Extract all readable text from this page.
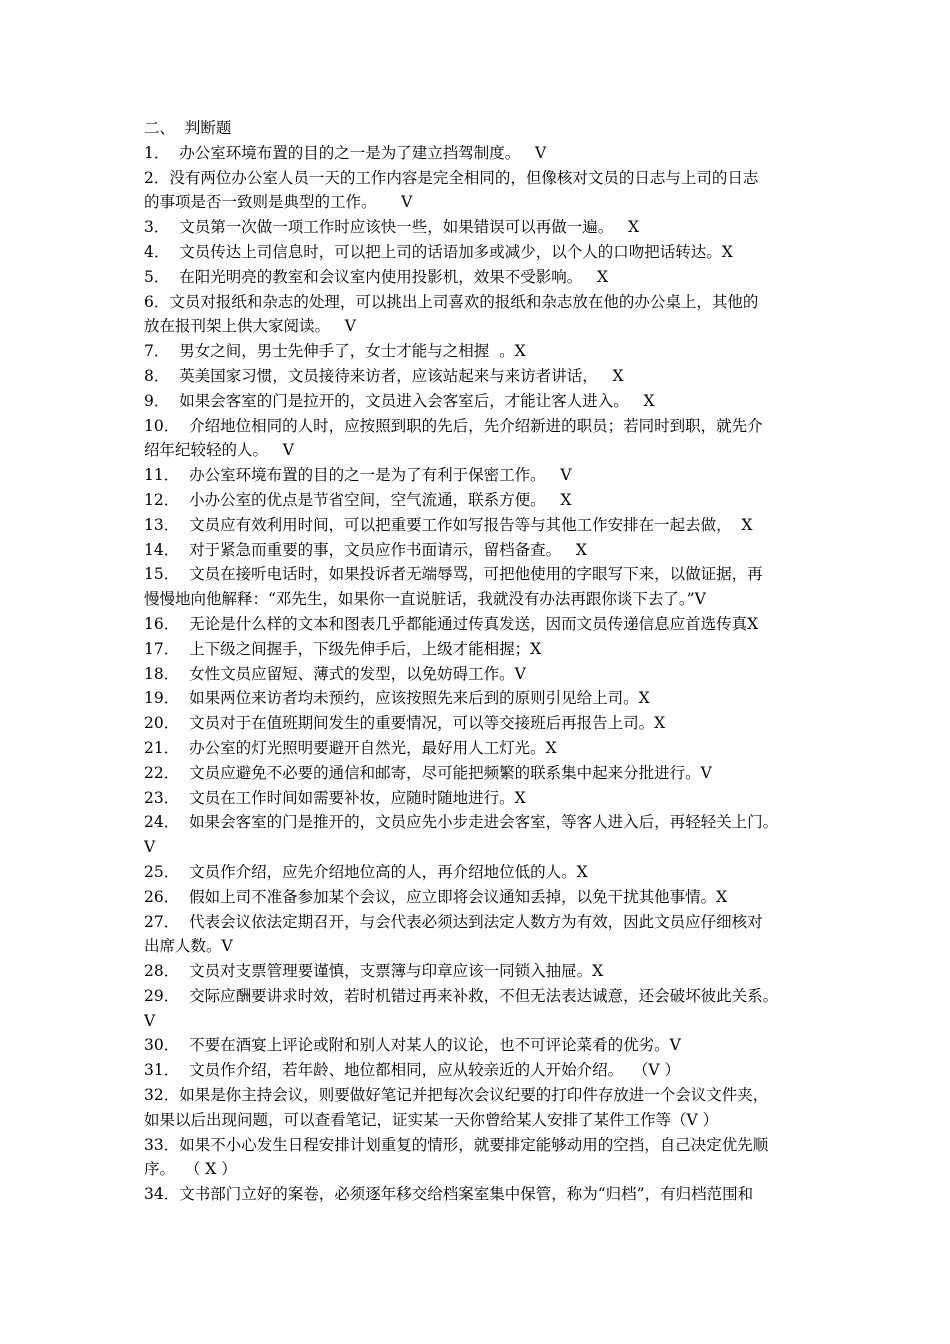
二、  判断题
1．  办公室环境布置的目的之一是为了建立挡驾制度。   V
2．没有两位办公室人员一天的工作内容是完全相同的，但像核对文员的日志与上司的日志
的事项是否一致则是典型的工作。     V
3．  文员第一次做一项工作时应该快一些，如果错误可以再做一遍。   X
4．  文员传达上司信息时，可以把上司的话语加多或减少，以个人的口吻把话转达。X
5．  在阳光明亮的教室和会议室内使用投影机，效果不受影响。   X
6．文员对报纸和杂志的处理，可以挑出上司喜欢的报纸和杂志放在他的办公桌上，其他的
放在报刊架上供大家阅读。   V
7．  男女之间，男士先伸手了，女士才能与之相握  。X
8．  英美国家习惯，文员接待来访者，应该站起来与来访者讲话，   X
9．  如果会客室的门是拉开的，文员进入会客室后，才能让客人进入。   X
10．  介绍地位相同的人时，应按照到职的先后，先介绍新进的职员；若同时到职，就先介
绍年纪较轻的人。   V
11．  办公室环境布置的目的之一是为了有利于保密工作。   V
12．  小办公室的优点是节省空间，空气流通，联系方便。   X
13．  文员应有效利用时间，可以把重要工作如写报告等与其他工作安排在一起去做，  X
14．  对于紧急而重要的事，文员应作书面请示，留档备查。   X
15．  文员在接听电话时，如果投诉者无端辱骂，可把他使用的字眼写下来，以做证据，再
慢慢地向他解释：“邓先生，如果你一直说脏话，我就没有办法再跟你谈下去了。”V
16．  无论是什么样的文本和图表几乎都能通过传真发送，因而文员传递信息应首选传真X
17．  上下级之间握手，下级先伸手后，上级才能相握；X
18．  女性文员应留短、薄式的发型，以免妨碍工作。V
19．  如果两位来访者均未预约，应该按照先来后到的原则引见给上司。X
20．  文员对于在值班期间发生的重要情况，可以等交接班后再报告上司。X
21．  办公室的灯光照明要避开自然光，最好用人工灯光。X
22．  文员应避免不必要的通信和邮寄，尽可能把频繁的联系集中起来分批进行。V
23．  文员在工作时间如需要补妆，应随时随地进行。X
24．  如果会客室的门是推开的，文员应先小步走进会客室，等客人进入后，再轻轻关上门。
V
25．  文员作介绍，应先介绍地位高的人，再介绍地位低的人。X
26．  假如上司不准备参加某个会议，应立即将会议通知丢掉，以免干扰其他事情。X
27．  代表会议依法定期召开，与会代表必须达到法定人数方为有效，因此文员应仔细核对
出席人数。V
28．  文员对支票管理要谨慎，支票簿与印章应该一同锁入抽屉。X
29．  交际应酬要讲求时效，若时机错过再来补救，不但无法表达诚意，还会破坏彼此关系。
V
30．  不要在酒宴上评论或附和别人对某人的议论，也不可评论菜肴的优劣。V
31．  文员作介绍，若年龄、地位都相同，应从较亲近的人开始介绍。  （V ）
32．如果是你主持会议，则要做好笔记并把每次会议纪要的打印件存放进一个会议文件夹，
如果以后出现问题，可以查看笔记，证实某一天你曾给某人安排了某件工作等（V ）
33．如果不小心发生日程安排计划重复的情形，就要排定能够动用的空挡，自己决定优先顺
序。  （ X ）
34．文书部门立好的案卷，必须逐年移交给档案室集中保管，称为“归档”，有归档范围和
